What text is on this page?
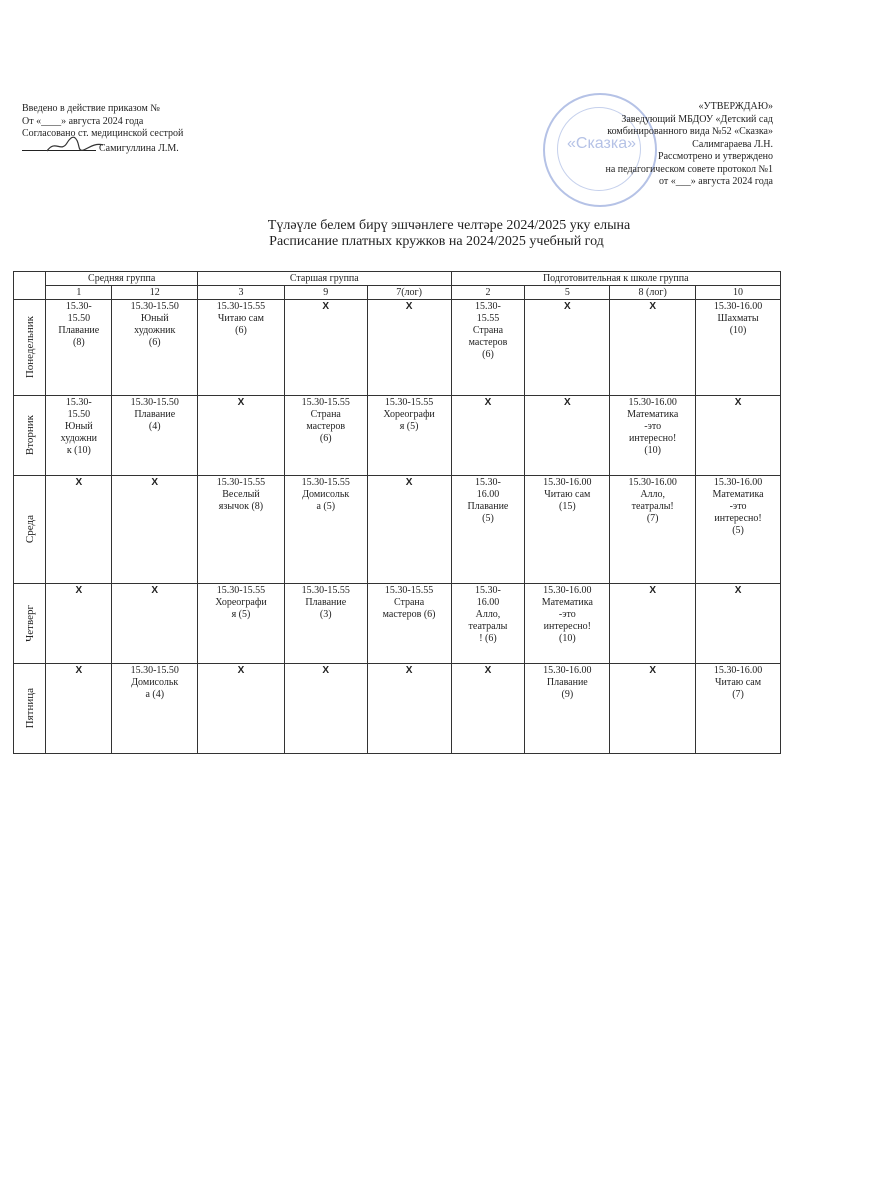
Введено в действие приказом №
От «____» августа 2024 года
Согласовано ст. медицинской сестрой
Самигуллина Л.М.	«Сказка»
«УТВЕРЖДАЮ»
Заведующий МБДОУ «Детский сад
комбинированного вида №52 «Сказка»
Салимгараева Л.Н.
Рассмотрено и утверждено
на педагогическом совете протокол №1
от «___» августа 2024 года
Түләүле белем бирү эшчәнлеге челтәре 2024/2025 уку елына
Расписание платных кружков на 2024/2025 учебный год
	Средняя группа		Старшая группа			Подготовительная к школе группа			
	1	12	3	9	7(лог)	2	5	8 (лог)	10

Понедельник	15.30-
15.50
Плавание
(8)	15.30-15.50
Юный
художник
(6)	15.30-15.55
Читаю сам
(6)	Х	Х	15.30-
15.55
Страна
мастеров
(6)	Х	Х	15.30-16.00
Шахматы
(10)

Вторник	15.30-
15.50
Юный
художни
к (10)	15.30-15.50
Плавание
(4)	Х	15.30-15.55
Страна
мастеров
(6)	15.30-15.55
Хореографи
я (5)	Х	Х	15.30-16.00
Математика
-это
интересно!
(10)	Х

Среда	Х	Х	15.30-15.55
Веселый
язычок (8)	15.30-15.55
Домисольк
а (5)	Х	15.30-
16.00
Плавание
(5)	15.30-16.00
Читаю сам
(15)	15.30-16.00
Алло,
театралы!
(7)	15.30-16.00
Математика
-это
интересно!
(5)

Четверг	Х	Х	15.30-15.55
Хореографи
я (5)	15.30-15.55
Плавание
(3)	15.30-15.55
Страна
мастеров (6)	15.30-
16.00
Алло,
театралы
! (6)	15.30-16.00
Математика
-это
интересно!
(10)	Х	Х

Пятница	Х	15.30-15.50
Домисольк
а (4)	Х	Х	Х	Х	15.30-16.00
Плавание
(9)	Х	15.30-16.00
Читаю сам
(7)
